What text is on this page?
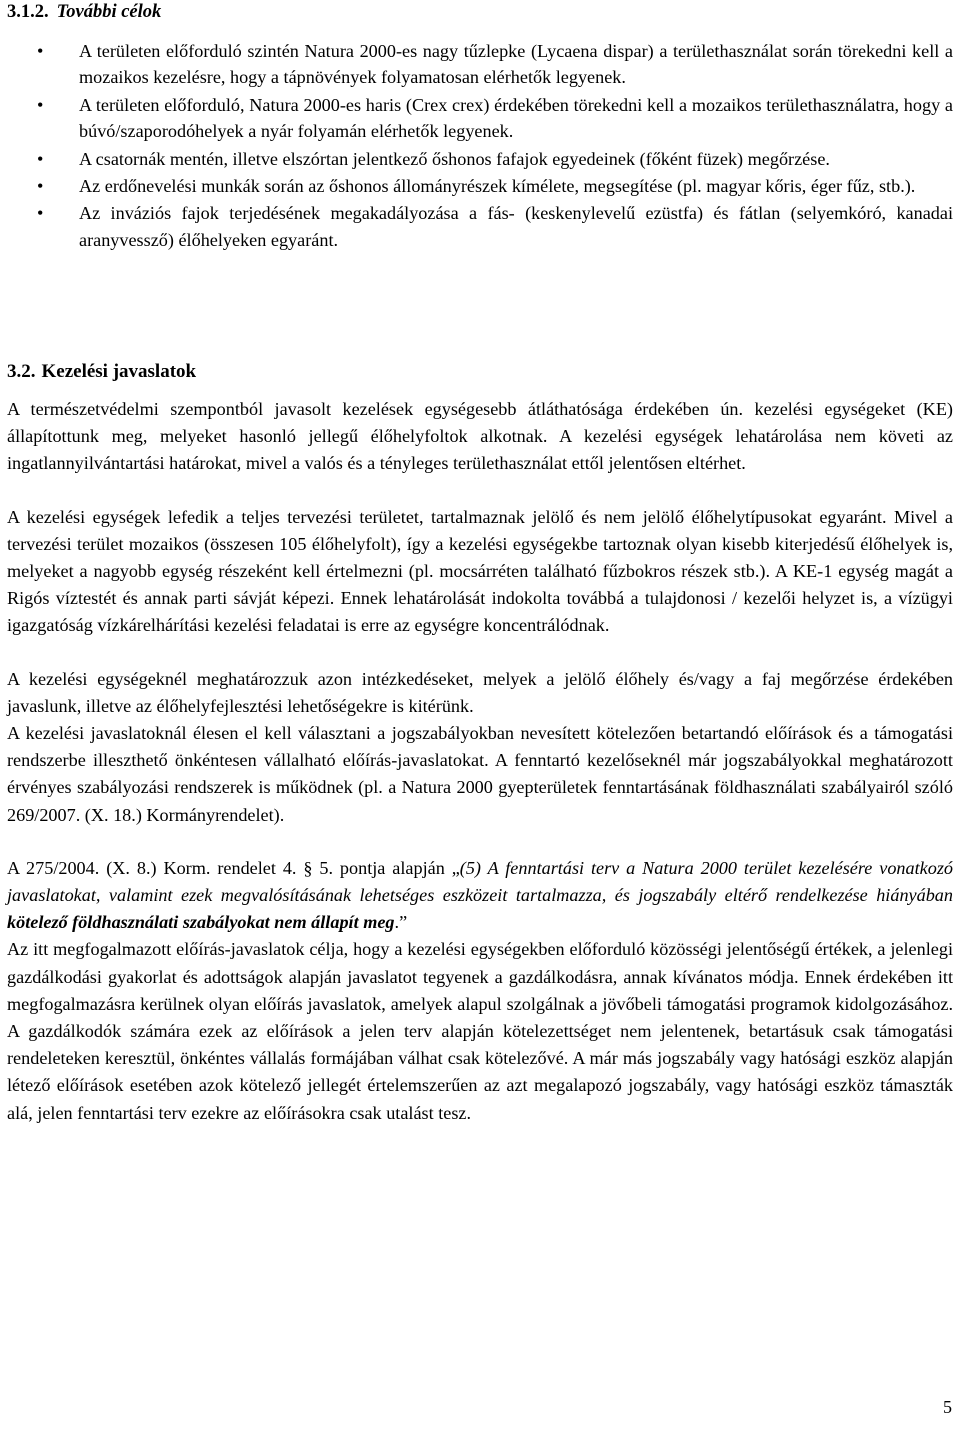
3.1.2. További célok
• A területen előforduló szintén Natura 2000-es nagy tűzlepke (Lycaena dispar) a területhasználat során törekedni kell a mozaikos kezelésre, hogy a tápnövények folyamatosan elérhetők legyenek.
• A területen előforduló, Natura 2000-es haris (Crex crex) érdekében törekedni kell a mozaikos területhasználatra, hogy a búvó/szaporodóhelyek a nyár folyamán elérhetők legyenek.
• A csatornák mentén, illetve elszórtan jelentkező őshonos fafajok egyedeinek (főként füzek) megőrzése.
• Az erdőnevelési munkák során az őshonos állományrészek kímélete, megsegítése (pl. magyar kőris, éger fűz, stb.).
• Az inváziós fajok terjedésének megakadályozása a fás- (keskenylevelű ezüstfa) és fátlan (selyemkóró, kanadai aranyvessző) élőhelyeken egyaránt.
3.2. Kezelési javaslatok

A természetvédelmi szempontból javasolt kezelések egységesebb átláthatósága érdekében ún. kezelési egységeket (KE) állapítottunk meg, melyeket hasonló jellegű élőhelyfoltok alkotnak. A kezelési egységek lehatárolása nem követi az ingatlannyilvántartási határokat, mivel a valós és a tényleges területhasználat ettől jelentősen eltérhet.

A kezelési egységek lefedik a teljes tervezési területet, tartalmaznak jelölő és nem jelölő élőhelytípusokat egyaránt. Mivel a tervezési terület mozaikos (összesen 105 élőhelyfolt), így a kezelési egységekbe tartoznak olyan kisebb kiterjedésű élőhelyek is, melyeket a nagyobb egység részeként kell értelmezni (pl. mocsárréten található fűzbokros részek stb.). A KE-1 egység magát a Rigós víztestét és annak parti sávját képezi. Ennek lehatárolását indokolta továbbá a tulajdonosi / kezelői helyzet is, a vízügyi igazgatóság vízkárelhárítási kezelési feladatai is erre az egységre koncentrálódnak.

A kezelési egységeknél meghatározzuk azon intézkedéseket, melyek a jelölő élőhely és/vagy a faj megőrzése érdekében javaslunk, illetve az élőhelyfejlesztési lehetőségekre is kitérünk.

A kezelési javaslatoknál élesen el kell választani a jogszabályokban nevesített kötelezően betartandó előírások és a támogatási rendszerbe illeszthető önkéntesen vállalható előírás-javaslatokat. A fenntartó kezelőseknél már jogszabályokkal meghatározott érvényes szabályozási rendszerek is működnek (pl. a Natura 2000 gyepterületek fenntartásának földhasználati szabályairól szóló 269/2007. (X. 18.) Kormányrendelet).

A 275/2004. (X. 8.) Korm. rendelet 4. § 5. pontja alapján „(5) A fenntartási terv a Natura 2000 terület kezelésére vonatkozó javaslatokat, valamint ezek megvalósításának lehetséges eszközeit tartalmazza, és jogszabály eltérő rendelkezése hiányában kötelező földhasználati szabályokat nem állapít meg.”

Az itt megfogalmazott előírás-javaslatok célja, hogy a kezelési egységekben előforduló közösségi jelentőségű értékek, a jelenlegi gazdálkodási gyakorlat és adottságok alapján javaslatot tegyenek a gazdálkodásra, annak kívánatos módja. Ennek érdekében itt megfogalmazásra kerülnek olyan előírás javaslatok, amelyek alapul szolgálnak a jövőbeli támogatási programok kidolgozásához. A gazdálkodók számára ezek az előírások a jelen terv alapján kötelezettséget nem jelentenek, betartásuk csak támogatási rendeleteken keresztül, önkéntes vállalás formájában válhat csak kötelezővé. A már más jogszabály vagy hatósági eszköz alapján létező előírások esetében azok kötelező jellegét értelemszerűen az azt megalapozó jogszabály, vagy hatósági eszköz támaszták alá, jelen fenntartási terv ezekre az előírásokra csak utalást tesz.

5
